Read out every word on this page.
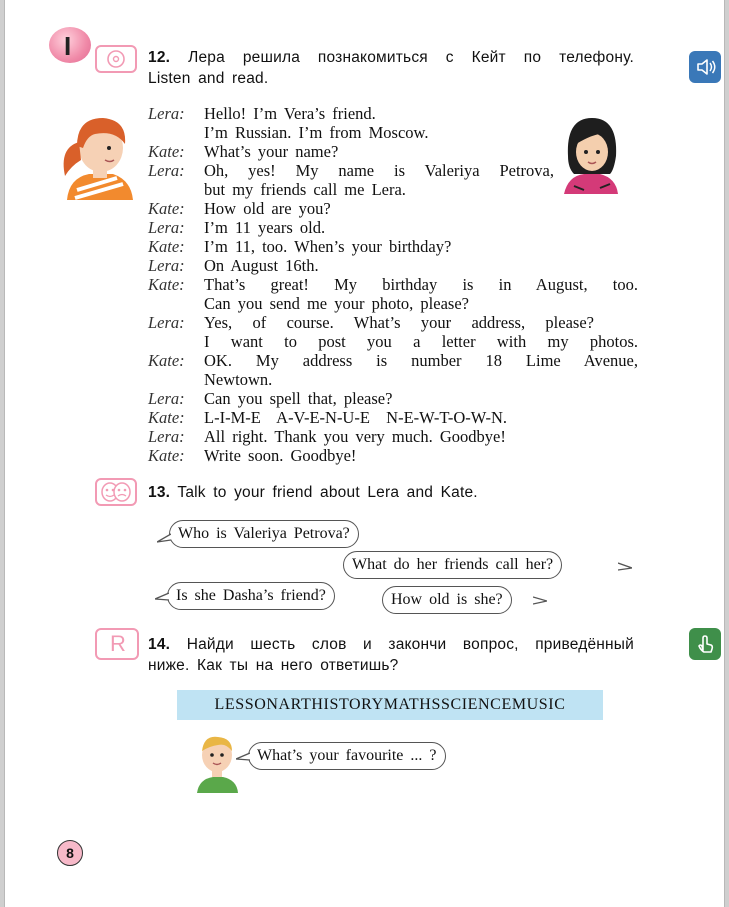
I	12. Лера решила познакомиться с Кейт по телефону.
Listen and read.
Lera:	Hello! I’m Vera’s friend.
I’m Russian. I’m from Moscow.
Kate:	What’s your name?
Lera:	Oh, yes! My name is Valeriya Petrova,
but my friends call me Lera.
Kate:	How old are you?
Lera:	I’m 11 years old.
Kate:	I’m 11, too. When’s your birthday?
Lera:	On August 16th.
Kate:	That’s great! My birthday is in August, too.
Can you send me your photo, please?
Lera:	Yes, of course. What’s your address, please?
I want to post you a letter with my photos.
Kate:	OK. My address is number 18 Lime Avenue,
Newtown.
Lera:	Can you spell that, please?
Kate:	L-I-M-E  A-V-E-N-U-E  N-E-W-T-O-W-N.
Lera:	All right. Thank you very much. Goodbye!
Kate:	Write soon. Goodbye!
13. Talk to your friend about Lera and Kate.
Who is Valeriya Petrova?
What do her friends call her?
Is she Dasha’s friend?	How old is she?
R 14. Найди шесть слов и закончи вопрос, приведённый
ниже. Как ты на него ответишь?
LESSONARTHISTORYMATHSSCIENCEMUSIC
What’s your favourite ... ?
8
